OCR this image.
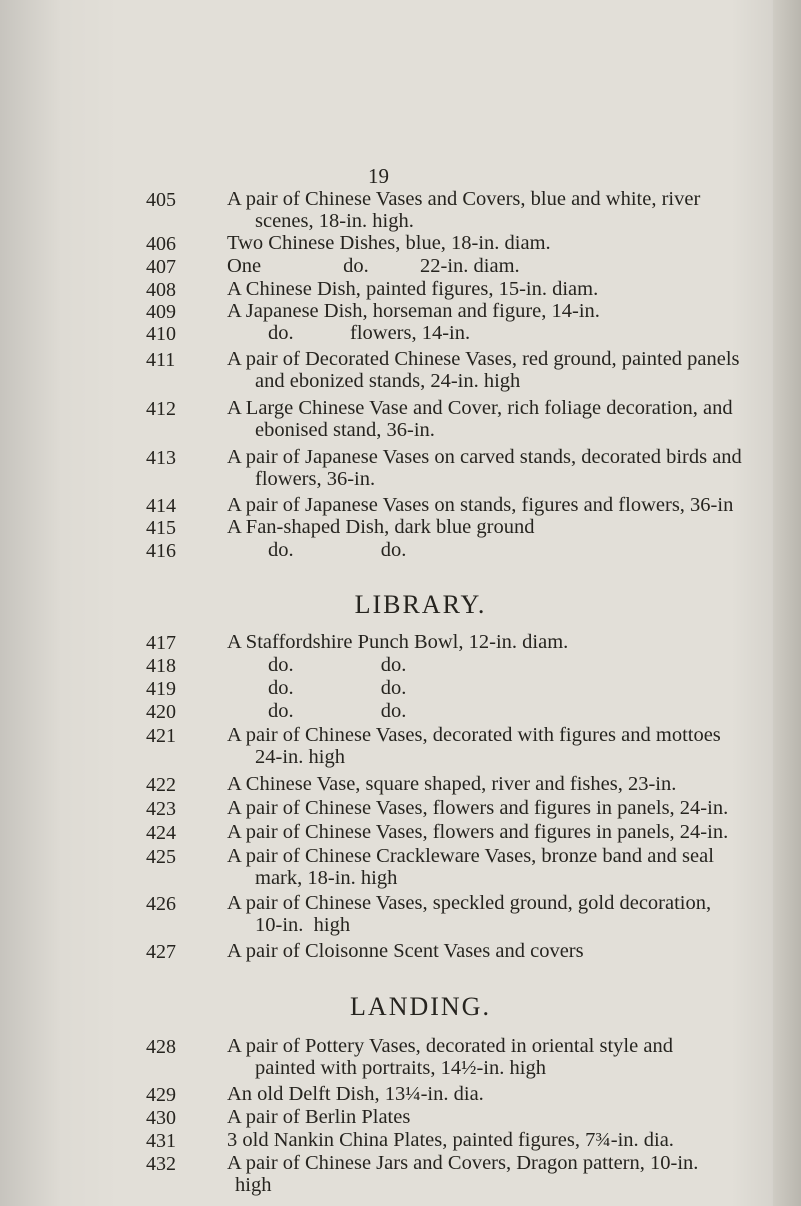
19
405	A pair of Chinese Vases and Covers, blue and white, river
scenes, 18-in. high.
406	Two Chinese Dishes, blue, 18-in. diam.
407	One                do.          22-in. diam.
408	A Chinese Dish, painted figures, 15-in. diam.
409	A Japanese Dish, horseman and figure, 14-in.
410	do.           flowers, 14-in.
411	A pair of Decorated Chinese Vases, red ground, painted panels
and ebonized stands, 24-in. high
412	A Large Chinese Vase and Cover, rich foliage decoration, and
ebonised stand, 36-in.
413	A pair of Japanese Vases on carved stands, decorated birds and
flowers, 36-in.
414	A pair of Japanese Vases on stands, figures and flowers, 36-in
415	A Fan-shaped Dish, dark blue ground
416	do.                 do.
LIBRARY.
417	A Staffordshire Punch Bowl, 12-in. diam.
418	do.                 do.
419	do.                 do.
420	do.                 do.
421	A pair of Chinese Vases, decorated with figures and mottoes
24-in. high
422	A Chinese Vase, square shaped, river and fishes, 23-in.
423	A pair of Chinese Vases, flowers and figures in panels, 24-in.
424	A pair of Chinese Vases, flowers and figures in panels, 24-in.
425	A pair of Chinese Crackleware Vases, bronze band and seal
mark, 18-in. high
426	A pair of Chinese Vases, speckled ground, gold decoration,
10-in.  high
427	A pair of Cloisonne Scent Vases and covers
LANDING.
428	A pair of Pottery Vases, decorated in oriental style and
painted with portraits, 14½-in. high
429	An old Delft Dish, 13¼-in. dia.
430	A pair of Berlin Plates
431	3 old Nankin China Plates, painted figures, 7¾-in. dia.
432	A pair of Chinese Jars and Covers, Dragon pattern, 10-in.
high
